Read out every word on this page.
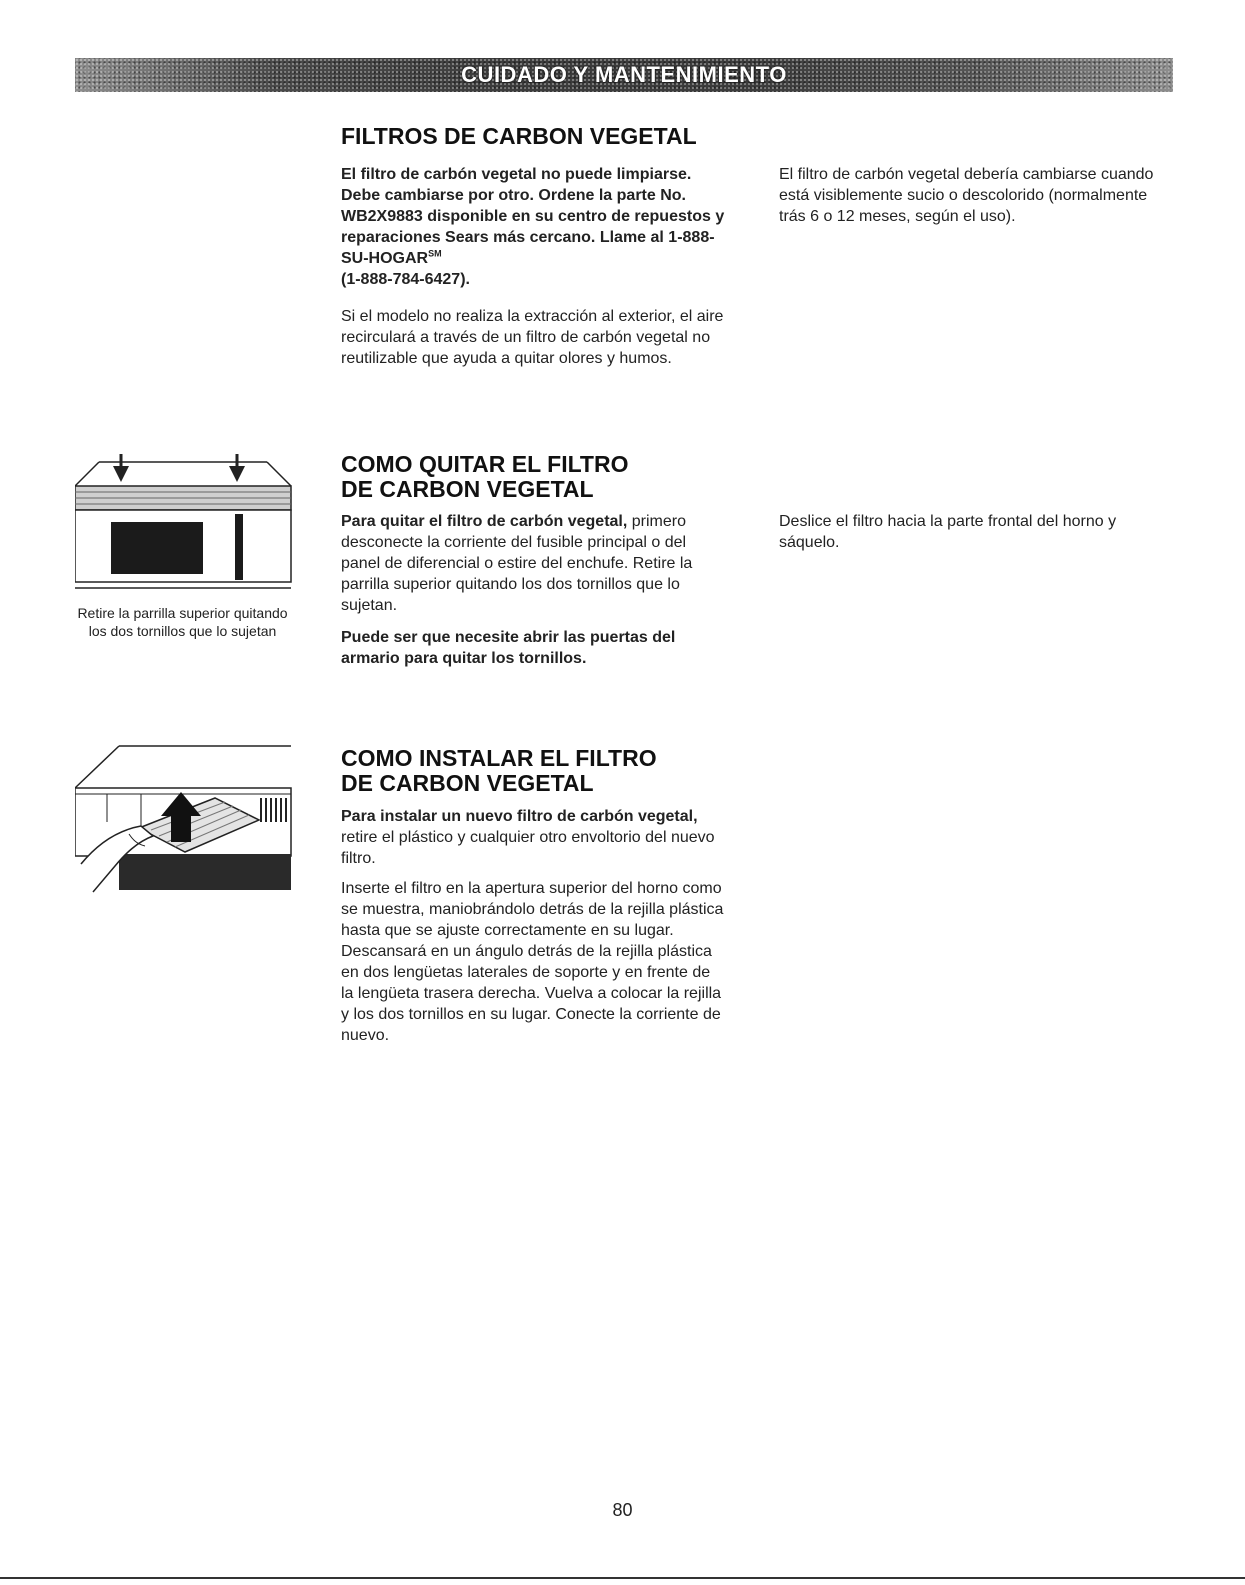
CUIDADO Y MANTENIMIENTO
FILTROS DE CARBON VEGETAL

El filtro de carbón vegetal no puede limpiarse. Debe cambiarse por otro. Ordene la parte No. WB2X9883 disponible en su centro de repuestos y reparaciones Sears más cercano. Llame al 1-888-SU-HOGAR℠
(1-888-784-6427).

Si el modelo no realiza la extracción al exterior, el aire recirculará a través de un filtro de carbón vegetal no reutilizable que ayuda a quitar olores y humos.

El filtro de carbón vegetal debería cambiarse cuando está visiblemente sucio o descolorido (normalmente trás 6 o 12 meses, según el uso).

Retire la parrilla superior quitando los dos tornillos que lo sujetan

COMO QUITAR EL FILTRO
DE CARBON VEGETAL

Para quitar el filtro de carbón vegetal, primero desconecte la corriente del fusible principal o del panel de diferencial o estire del enchufe. Retire la parrilla superior quitando los dos tornillos que lo sujetan.

Puede ser que necesite abrir las puertas del armario para quitar los tornillos.

Deslice el filtro hacia la parte frontal del horno y sáquelo.

COMO INSTALAR EL FILTRO
DE CARBON VEGETAL

Para instalar un nuevo filtro de carbón vegetal, retire el plástico y cualquier otro envoltorio del nuevo filtro.

Inserte el filtro en la apertura superior del horno como se muestra, maniobrándolo detrás de la rejilla plástica hasta que se ajuste correctamente en su lugar. Descansará en un ángulo detrás de la rejilla plástica en dos lengüetas laterales de soporte y en frente de la lengüeta trasera derecha. Vuelva a colocar la rejilla y los dos tornillos en su lugar. Conecte la corriente de nuevo.

80
